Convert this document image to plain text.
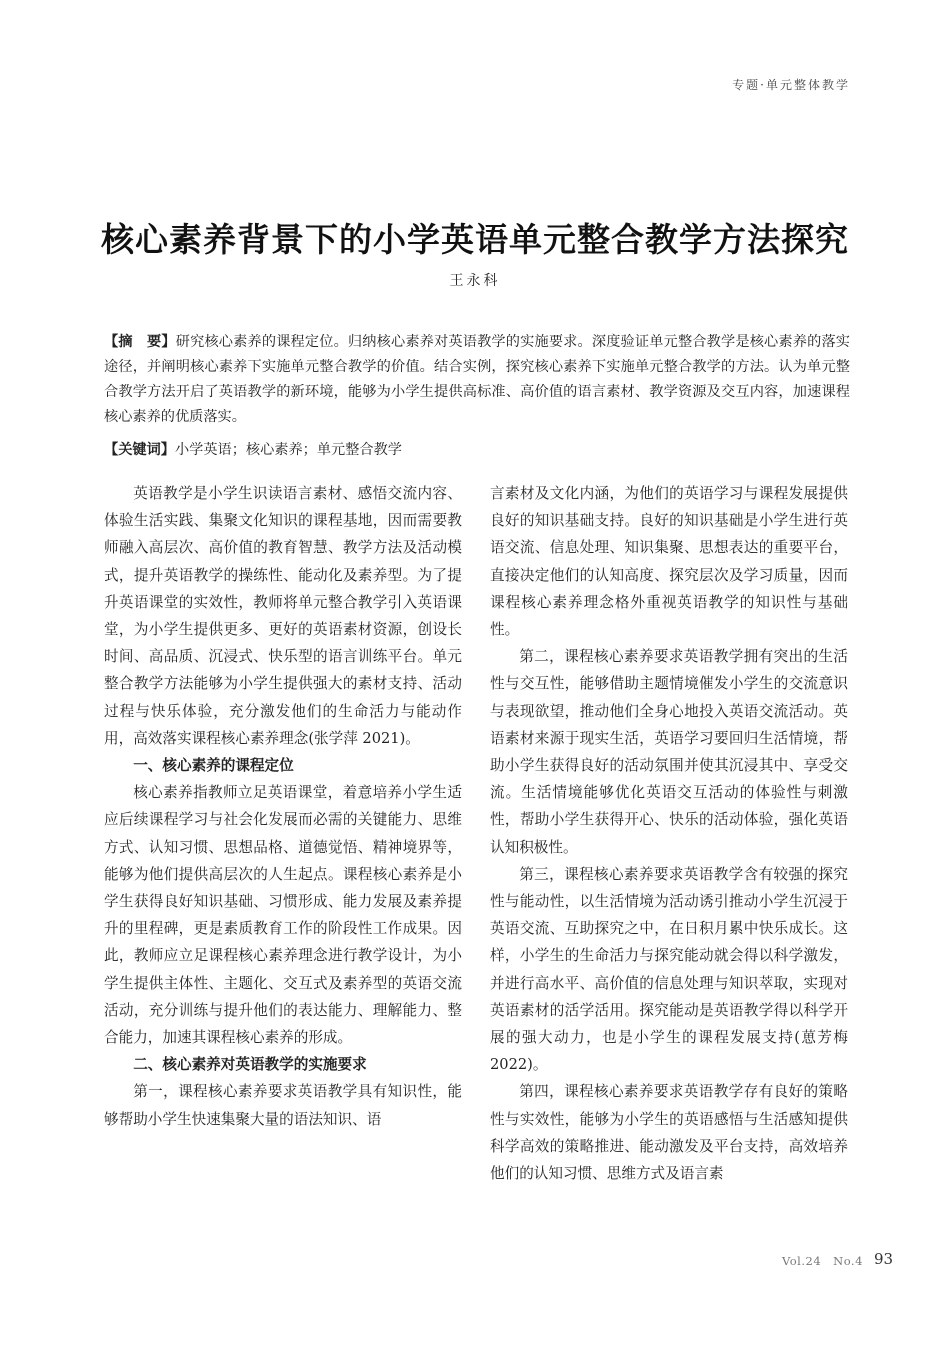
专题·单元整体教学
核心素养背景下的小学英语单元整合教学方法探究
王永科
【摘　要】研究核心素养的课程定位。归纳核心素养对英语教学的实施要求。深度验证单元整合教学是核心素养的落实途径，并阐明核心素养下实施单元整合教学的价值。结合实例，探究核心素养下实施单元整合教学的方法。认为单元整合教学方法开启了英语教学的新环境，能够为小学生提供高标准、高价值的语言素材、教学资源及交互内容，加速课程核心素养的优质落实。
【关键词】小学英语；核心素养；单元整合教学

英语教学是小学生识读语言素材、感悟交流内容、体验生活实践、集聚文化知识的课程基地，因而需要教师融入高层次、高价值的教育智慧、教学方法及活动模式，提升英语教学的操练性、能动化及素养型。为了提升英语课堂的实效性，教师将单元整合教学引入英语课堂，为小学生提供更多、更好的英语素材资源，创设长时间、高品质、沉浸式、快乐型的语言训练平台。单元整合教学方法能够为小学生提供强大的素材支持、活动过程与快乐体验，充分激发他们的生命活力与能动作用，高效落实课程核心素养理念(张学萍 2021)。

一、核心素养的课程定位

核心素养指教师立足英语课堂，着意培养小学生适应后续课程学习与社会化发展而必需的关键能力、思维方式、认知习惯、思想品格、道德觉悟、精神境界等，能够为他们提供高层次的人生起点。课程核心素养是小学生获得良好知识基础、习惯形成、能力发展及素养提升的里程碑，更是素质教育工作的阶段性工作成果。因此，教师应立足课程核心素养理念进行教学设计，为小学生提供主体性、主题化、交互式及素养型的英语交流活动，充分训练与提升他们的表达能力、理解能力、整合能力，加速其课程核心素养的形成。

二、核心素养对英语教学的实施要求

第一，课程核心素养要求英语教学具有知识性，能够帮助小学生快速集聚大量的语法知识、语

言素材及文化内涵，为他们的英语学习与课程发展提供良好的知识基础支持。良好的知识基础是小学生进行英语交流、信息处理、知识集聚、思想表达的重要平台，直接决定他们的认知高度、探究层次及学习质量，因而课程核心素养理念格外重视英语教学的知识性与基础性。

第二，课程核心素养要求英语教学拥有突出的生活性与交互性，能够借助主题情境催发小学生的交流意识与表现欲望，推动他们全身心地投入英语交流活动。英语素材来源于现实生活，英语学习要回归生活情境，帮助小学生获得良好的活动氛围并使其沉浸其中、享受交流。生活情境能够优化英语交互活动的体验性与刺激性，帮助小学生获得开心、快乐的活动体验，强化英语认知积极性。

第三，课程核心素养要求英语教学含有较强的探究性与能动性，以生活情境为活动诱引推动小学生沉浸于英语交流、互助探究之中，在日积月累中快乐成长。这样，小学生的生命活力与探究能动就会得以科学激发，并进行高水平、高价值的信息处理与知识萃取，实现对英语素材的活学活用。探究能动是英语教学得以科学开展的强大动力，也是小学生的课程发展支持(葸芳梅 2022)。

第四，课程核心素养要求英语教学存有良好的策略性与实效性，能够为小学生的英语感悟与生活感知提供科学高效的策略推进、能动激发及平台支持，高效培养他们的认知习惯、思维方式及语言素

Vol.24　No.4 93
